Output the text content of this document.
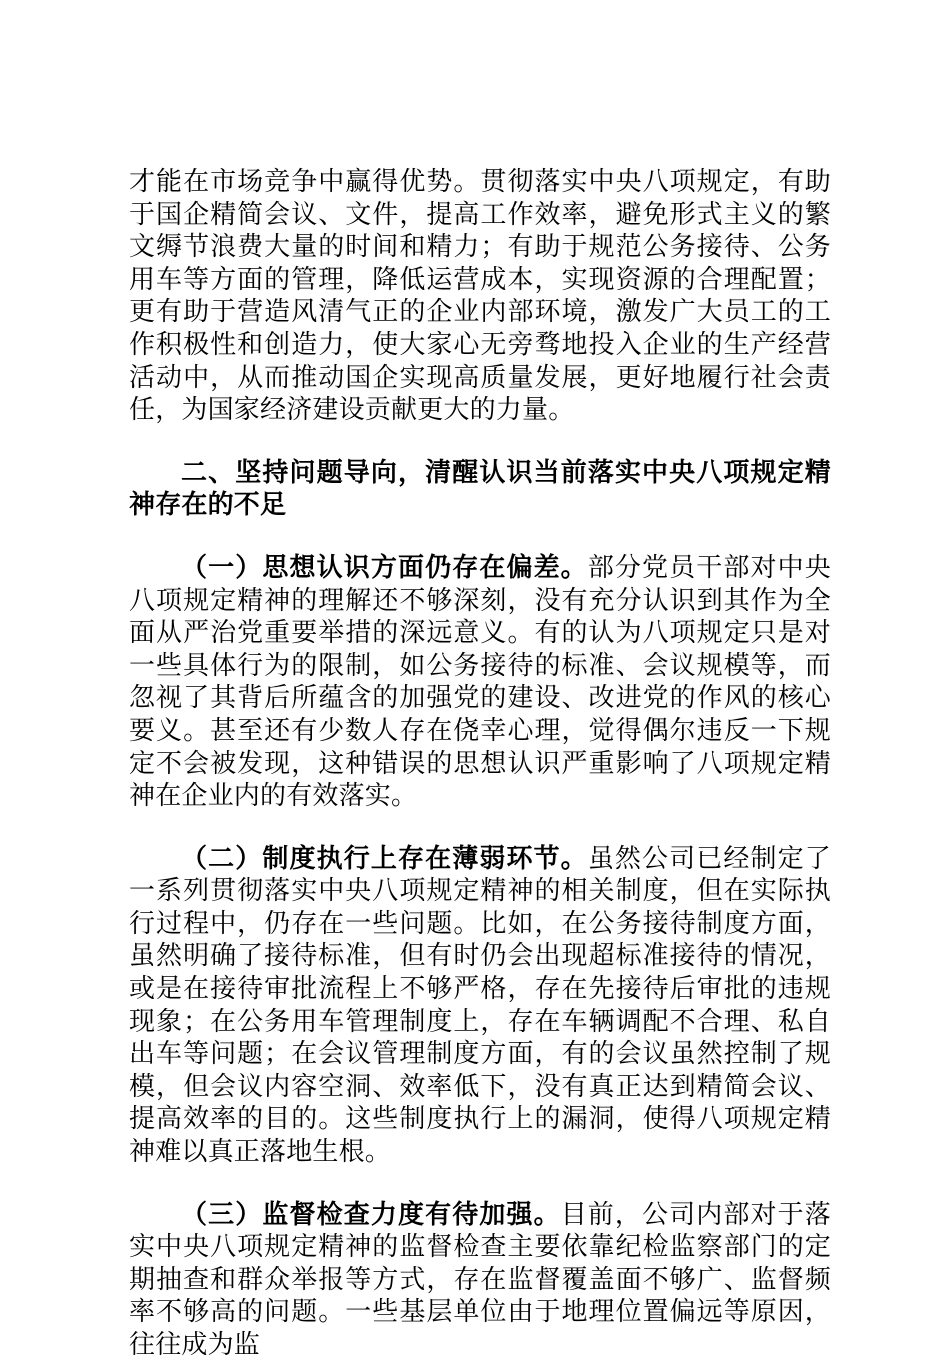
才能在市场竞争中赢得优势。贯彻落实中央八项规定，有助于国企精简会议、文件，提高工作效率，避免形式主义的繁文缛节浪费大量的时间和精力；有助于规范公务接待、公务用车等方面的管理，降低运营成本，实现资源的合理配置；更有助于营造风清气正的企业内部环境，激发广大员工的工作积极性和创造力，使大家心无旁骛地投入企业的生产经营活动中，从而推动国企实现高质量发展，更好地履行社会责任，为国家经济建设贡献更大的力量。

二、坚持问题导向，清醒认识当前落实中央八项规定精神存在的不足

（一）思想认识方面仍存在偏差。部分党员干部对中央八项规定精神的理解还不够深刻，没有充分认识到其作为全面从严治党重要举措的深远意义。有的认为八项规定只是对一些具体行为的限制，如公务接待的标准、会议规模等，而忽视了其背后所蕴含的加强党的建设、改进党的作风的核心要义。甚至还有少数人存在侥幸心理，觉得偶尔违反一下规定不会被发现，这种错误的思想认识严重影响了八项规定精神在企业内的有效落实。

（二）制度执行上存在薄弱环节。虽然公司已经制定了一系列贯彻落实中央八项规定精神的相关制度，但在实际执行过程中，仍存在一些问题。比如，在公务接待制度方面，虽然明确了接待标准，但有时仍会出现超标准接待的情况，或是在接待审批流程上不够严格，存在先接待后审批的违规现象；在公务用车管理制度上，存在车辆调配不合理、私自出车等问题；在会议管理制度方面，有的会议虽然控制了规模，但会议内容空洞、效率低下，没有真正达到精简会议、提高效率的目的。这些制度执行上的漏洞，使得八项规定精神难以真正落地生根。

（三）监督检查力度有待加强。目前，公司内部对于落实中央八项规定精神的监督检查主要依靠纪检监察部门的定期抽查和群众举报等方式，存在监督覆盖面不够广、监督频率不够高的问题。一些基层单位由于地理位置偏远等原因，往往成为监
